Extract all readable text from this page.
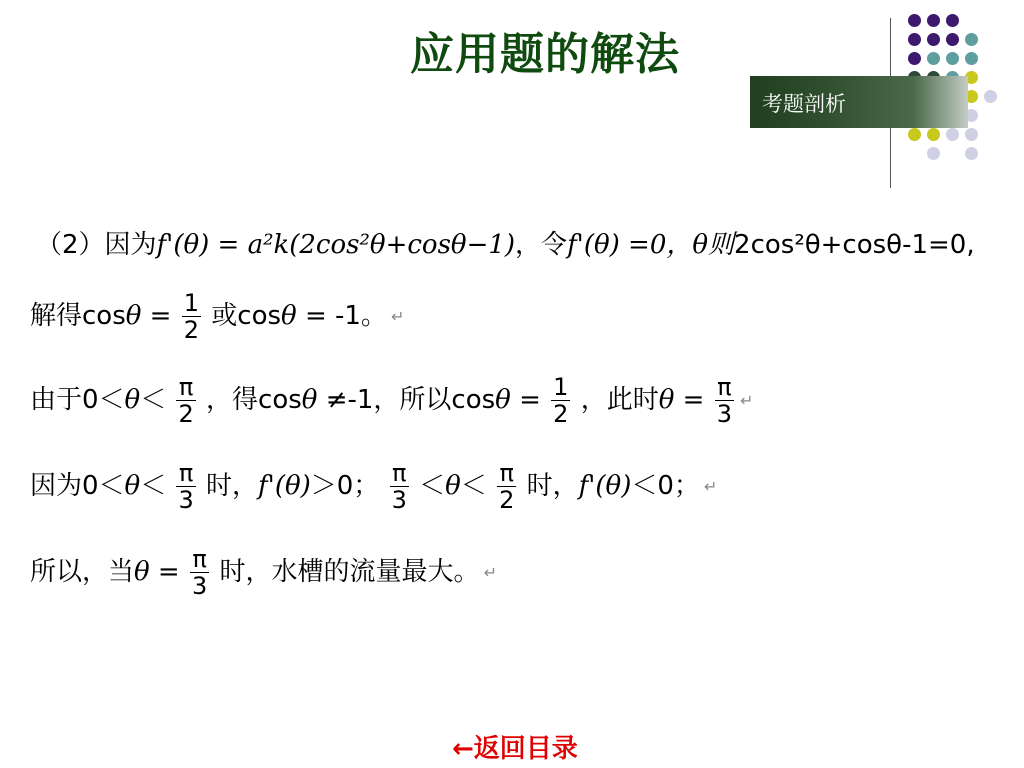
应用题的解法
考题剖析
（2）因为f'(θ) = a²k(2cos²θ+cosθ−1)，令f'(θ) =0，θ则2cos²θ+cosθ-1=0,
解得$\cos\theta = \frac{1}{2}$ 或cosθ = -1。 ↵
由于$0<\theta< \frac{\pi}{2}$ ，得cosθ ≠-1，所以$\cos\theta = \frac{1}{2}$ ，此时$\theta = \frac{\pi}{3}$ ↵
因为$0<\theta< \frac{\pi}{3}$ 时，f'(θ)＞0； $\frac{\pi}{3} <\theta< \frac{\pi}{2}$ 时，f'(θ)＜0； ↵
所以，当$\theta = \frac{\pi}{3}$ 时，水槽的流量最大。 ↵
←返回目录
